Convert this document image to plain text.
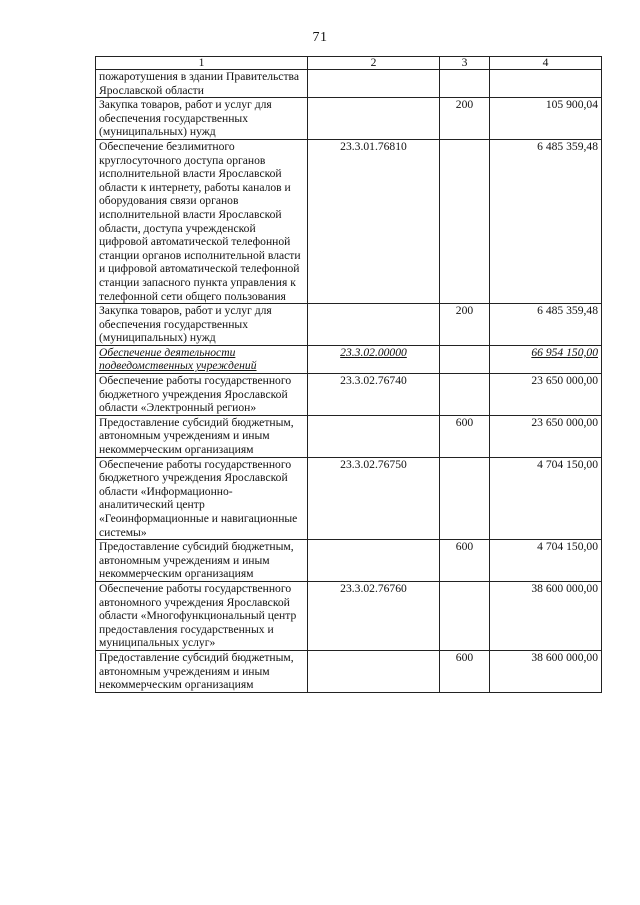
71
1	2	3	4
пожаротушения в здании Правительства Ярославской области			
Закупка товаров, работ и услуг для обеспечения государственных (муниципальных) нужд		200	105 900,04
Обеспечение безлимитного круглосуточного доступа органов исполнительной власти Ярославской области к интернету, работы каналов и оборудования связи органов исполнительной власти Ярославской области, доступа учрежденской цифровой автоматической телефонной станции органов исполнительной власти и цифровой автоматической телефонной станции запасного пункта управления к телефонной сети общего пользования	23.3.01.76810		6 485 359,48
Закупка товаров, работ и услуг для обеспечения государственных (муниципальных) нужд		200	6 485 359,48
Обеспечение деятельности подведомственных учреждений	23.3.02.00000		66 954 150,00
Обеспечение работы государственного бюджетного учреждения Ярославской области «Электронный регион»	23.3.02.76740		23 650 000,00
Предоставление субсидий бюджетным, автономным учреждениям и иным некоммерческим организациям		600	23 650 000,00
Обеспечение работы государственного бюджетного учреждения Ярославской области «Информационно-аналитический центр «Геоинформационные и навигационные системы»	23.3.02.76750		4 704 150,00
Предоставление субсидий бюджетным, автономным учреждениям и иным некоммерческим организациям		600	4 704 150,00
Обеспечение работы государственного автономного учреждения Ярославской области «Многофункциональный центр предоставления государственных и муниципальных услуг»	23.3.02.76760		38 600 000,00
Предоставление субсидий бюджетным, автономным учреждениям и иным некоммерческим организациям		600	38 600 000,00
